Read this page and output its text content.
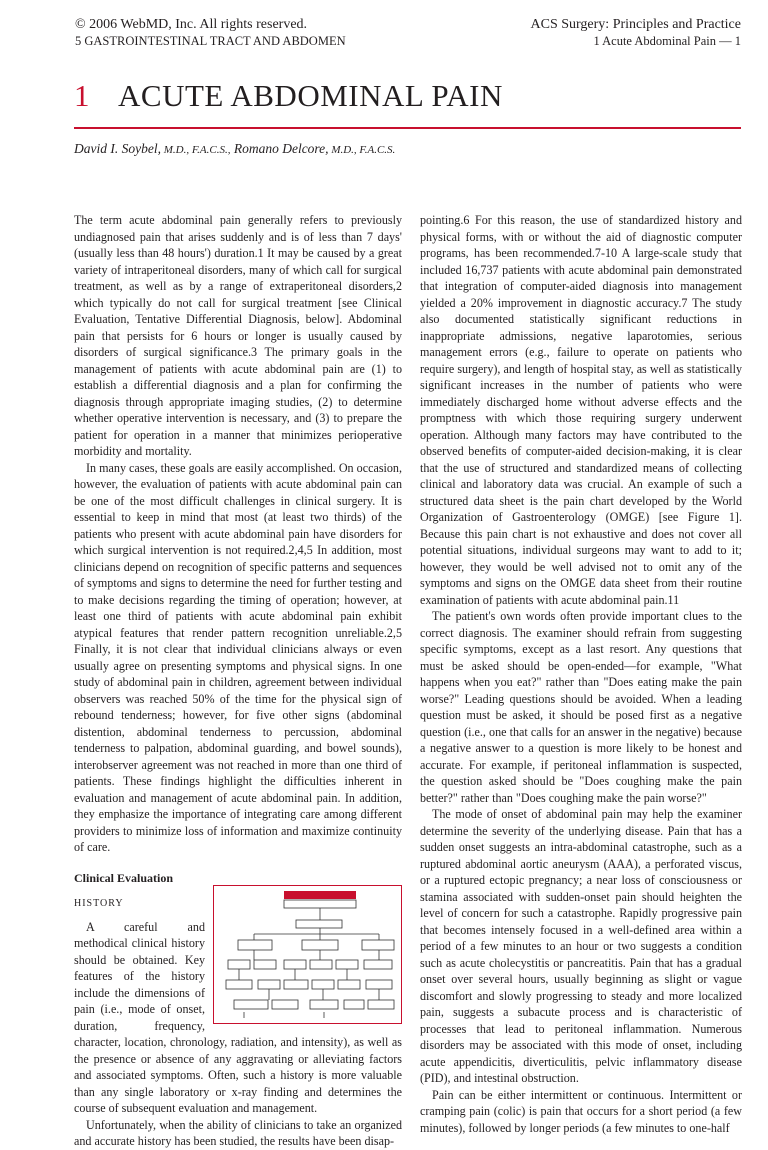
© 2006 WebMD, Inc. All rights reserved.
5 GASTROINTESTINAL TRACT AND ABDOMEN
ACS Surgery: Principles and Practice
1 Acute Abdominal Pain — 1
1 ACUTE ABDOMINAL PAIN
David I. Soybel, M.D., F.A.C.S., Romano Delcore, M.D., F.A.C.S.

The term acute abdominal pain generally refers to previously undiagnosed pain that arises suddenly and is of less than 7 days' (usually less than 48 hours') duration.1 It may be caused by a great variety of intraperitoneal disorders, many of which call for surgical treatment, as well as by a range of extraperitoneal disorders,2 which typically do not call for surgical treatment [see Clinical Evaluation, Tentative Differential Diagnosis, below]. Abdominal pain that persists for 6 hours or longer is usually caused by disorders of surgical significance.3 The primary goals in the management of patients with acute abdominal pain are (1) to establish a differential diagnosis and a plan for confirming the diagnosis through appropriate imaging studies, (2) to determine whether operative intervention is necessary, and (3) to prepare the patient for operation in a manner that minimizes perioperative morbidity and mortality.

In many cases, these goals are easily accomplished. On occasion, however, the evaluation of patients with acute abdominal pain can be one of the most difficult challenges in clinical surgery. It is essential to keep in mind that most (at least two thirds) of the patients who present with acute abdominal pain have disorders for which surgical intervention is not required.2,4,5 In addition, most clinicians depend on recognition of specific patterns and sequences of symptoms and signs to determine the need for further testing and to make decisions regarding the timing of operation; however, at least one third of patients with acute abdominal pain exhibit atypical features that render pattern recognition unreliable.2,5 Finally, it is not clear that individual clinicians always or even usually agree on presenting symptoms and physical signs. In one study of abdominal pain in children, agreement between individual observers was reached 50% of the time for the physical sign of rebound tenderness; however, for five other signs (abdominal distention, abdominal tenderness to percussion, abdominal tenderness to palpation, abdominal guarding, and bowel sounds), interobserver agreement was not reached in more than one third of patients. These findings highlight the difficulties inherent in evaluation and management of acute abdominal pain. In addition, they emphasize the importance of integrating care among different providers to minimize loss of information and maximize continuity of care.

Clinical Evaluation
HISTORY

A careful and methodical clinical history should be obtained. Key features of the history include the dimensions of pain (i.e., mode of onset, duration, frequency, character, location, chronology, radiation, and intensity), as well as the presence or absence of any aggravating or alleviating factors and associated symptoms. Often, such a history is more valuable than any single laboratory or x-ray finding and determines the course of subsequent evaluation and management.

Unfortunately, when the ability of clinicians to take an organized and accurate history has been studied, the results have been disap-

pointing.6 For this reason, the use of standardized history and physical forms, with or without the aid of diagnostic computer programs, has been recommended.7-10 A large-scale study that included 16,737 patients with acute abdominal pain demonstrated that integration of computer-aided diagnosis into management yielded a 20% improvement in diagnostic accuracy.7 The study also documented statistically significant reductions in inappropriate admissions, negative laparotomies, serious management errors (e.g., failure to operate on patients who require surgery), and length of hospital stay, as well as statistically significant increases in the number of patients who were immediately discharged home without adverse effects and the promptness with which those requiring surgery underwent operation. Although many factors may have contributed to the observed benefits of computer-aided decision-making, it is clear that the use of structured and standardized means of collecting clinical and laboratory data was crucial. An example of such a structured data sheet is the pain chart developed by the World Organization of Gastroenterology (OMGE) [see Figure 1]. Because this pain chart is not exhaustive and does not cover all potential situations, individual surgeons may want to add to it; however, they would be well advised not to omit any of the symptoms and signs on the OMGE data sheet from their routine examination of patients with acute abdominal pain.11

The patient's own words often provide important clues to the correct diagnosis. The examiner should refrain from suggesting specific symptoms, except as a last resort. Any questions that must be asked should be open-ended—for example, "What happens when you eat?" rather than "Does eating make the pain worse?" Leading questions should be avoided. When a leading question must be asked, it should be posed first as a negative question (i.e., one that calls for an answer in the negative) because a negative answer to a question is more likely to be honest and accurate. For example, if peritoneal inflammation is suspected, the question asked should be "Does coughing make the pain better?" rather than "Does coughing make the pain worse?"

The mode of onset of abdominal pain may help the examiner determine the severity of the underlying disease. Pain that has a sudden onset suggests an intra-abdominal catastrophe, such as a ruptured abdominal aortic aneurysm (AAA), a perforated viscus, or a ruptured ectopic pregnancy; a near loss of consciousness or stamina associated with sudden-onset pain should heighten the level of concern for such a catastrophe. Rapidly progressive pain that becomes intensely focused in a well-defined area within a period of a few minutes to an hour or two suggests a condition such as acute cholecystitis or pancreatitis. Pain that has a gradual onset over several hours, usually beginning as slight or vague discomfort and slowly progressing to steady and more localized pain, suggests a subacute process and is characteristic of processes that lead to peritoneal inflammation. Numerous disorders may be associated with this mode of onset, including acute appendicitis, diverticulitis, pelvic inflammatory disease (PID), and intestinal obstruction.

Pain can be either intermittent or continuous. Intermittent or cramping pain (colic) is pain that occurs for a short period (a few minutes), followed by longer periods (a few minutes to one-half
